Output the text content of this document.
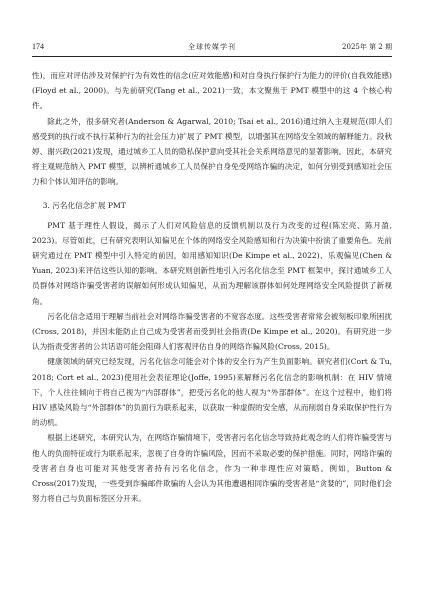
174	全球传媒学刊	2025年 第 2 期

性)，而应对评估涉及对保护行为有效性的信念(应对效能感)和对自身执行保护行为能力的评价(自我效能感)(Floyd et al., 2000)。与先前研究(Tang et al., 2021)一致，本文聚焦于 PMT 模型中的这 4 个核心构件。

除此之外，很多研究者(Anderson & Agarwal, 2010; Tsai et al., 2016)通过纳入主观规范(即人们感受到的执行或不执行某种行为的社会压力)扩展了 PMT 模型，以增强其在网络安全领域的解释能力。段秋婷、谢兴政(2021)发现，通过城乡工人员的隐私保护意向受其社会关系网络意见的显著影响。因此，本研究将主观规范纳入 PMT 模型，以辨析通城乡工人员保护自身免受网络诈骗的决定，如何分别受到感知社会压力和个体认知评估的影响。

3. 污名化信念扩展 PMT

PMT 基于理性人假设，揭示了人们对风险信息的反馈机制以及行为改变的过程(陈宏亮、陈月盈, 2023)。尽管如此，已有研究表明认知偏见在个体的网络安全风险感知和行为决策中扮演了重要角色。先前研究通过在 PMT 模型中引入特定的前因，如用感知知识(De Kimpe et al., 2022)、乐观偏见(Chen & Yuan, 2023)来评估这些认知的影响。本研究则创新性地引入污名化信念至 PMT 框架中，探讨通城乡工人员群体对网络诈骗受害者的误解如何形成认知偏见，从而为理解该群体如何处理网络安全风险提供了新视角。

污名化信念适用于理解当前社会对网络诈骗受害者的不宽容态度。这些受害者常常会被刻板印象所困扰(Cross, 2018)，并因未能防止自己成为受害者而受到社会指责(De Kimpe et al., 2020)。有研究进一步认为指责受害者的公共话语可能会阻碍人们客观评估自身的网络诈骗风险(Cross, 2015)。

健康领域的研究已经发现，污名化信念可能会对个体的安全行为产生负面影响。研究者们(Cort & Tu, 2018; Cort et al., 2023)使用社会表征理论(Joffe, 1995)来解释污名化信念的影响机制：在 HIV 情境下，个人往往倾向于将自己视为“内部群体”，把受污名化的他人视为“外部群体”。在这个过程中，他们将 HIV 感染风险与“外部群体”的负面行为联系起来，以获取一种虚假的安全感，从而削弱自身采取保护性行为的动机。

根据上述研究，本研究认为，在网络诈骗情境下，受害者污名化信念导致持此观念的人们将诈骗受害与他人的负面特征或行为联系起来，忽视了自身的诈骗风险，因而不采取必要的保护措施。同时，网络诈骗的受害者自身也可能对其他受害者持有污名化信念，作为一种非理性应对策略。例如，Button & Cross(2017)发现，一些受到诈骗邮件欺骗的人会认为其他遭遇相同诈骗的受害者是“贪婪的”，同时他们会努力将自己与负面标签区分开来。
